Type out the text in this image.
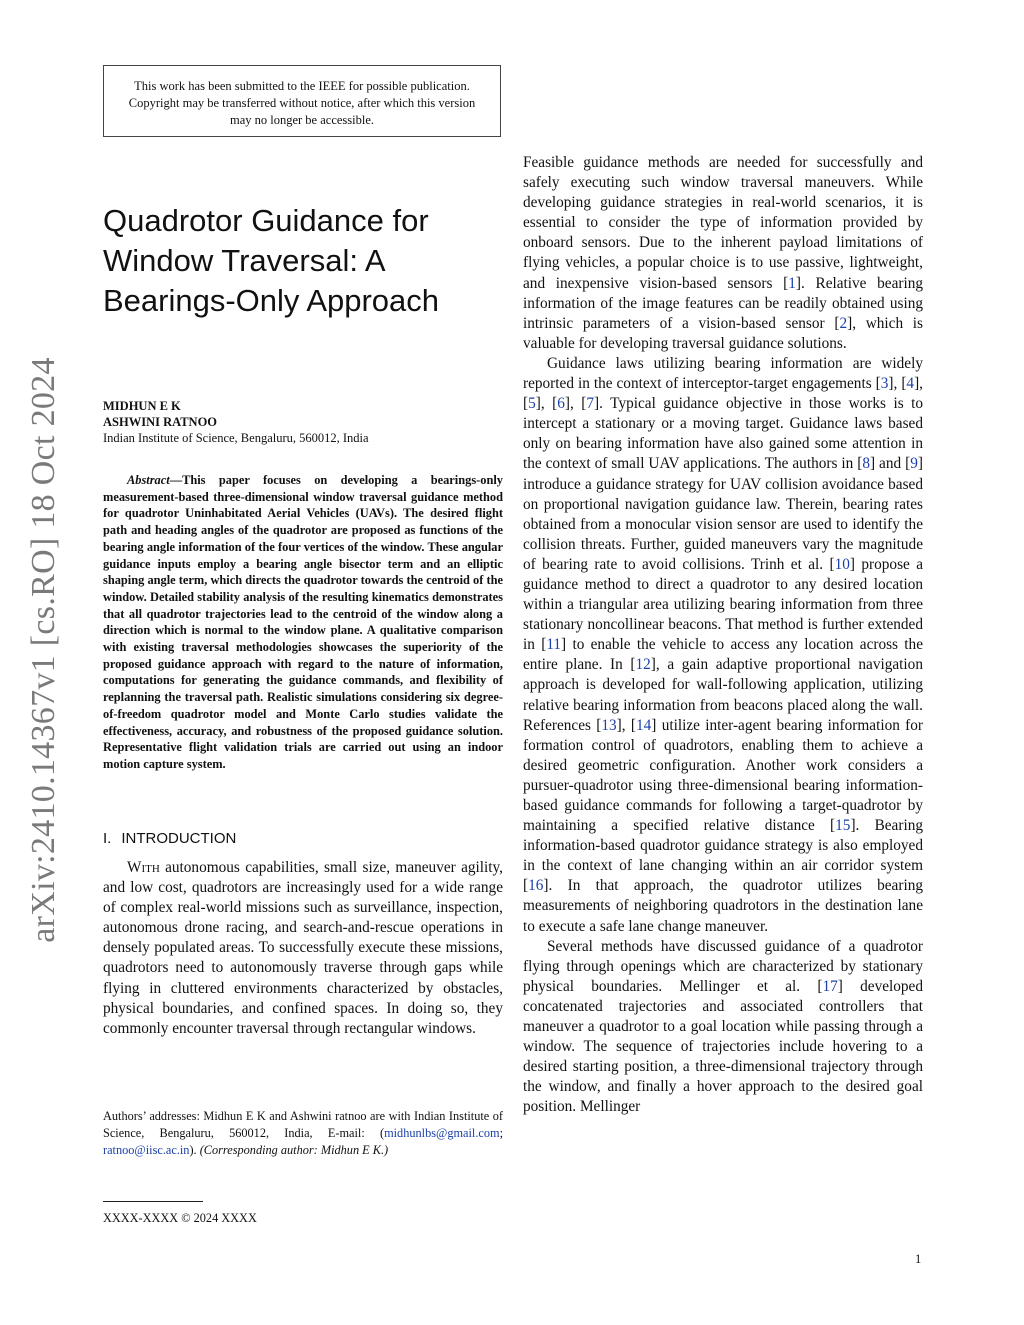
This work has been submitted to the IEEE for possible publication. Copyright may be transferred without notice, after which this version may no longer be accessible.
arXiv:2410.14367v1 [cs.RO] 18 Oct 2024
Quadrotor Guidance for Window Traversal: A Bearings-Only Approach
MIDHUN E K
ASHWINI RATNOO
Indian Institute of Science, Bengaluru, 560012, India

Abstract—This paper focuses on developing a bearings-only measurement-based three-dimensional window traversal guidance method for quadrotor Uninhabitated Aerial Vehicles (UAVs). The desired flight path and heading angles of the quadrotor are proposed as functions of the bearing angle information of the four vertices of the window. These angular guidance inputs employ a bearing angle bisector term and an elliptic shaping angle term, which directs the quadrotor towards the centroid of the window. Detailed stability analysis of the resulting kinematics demonstrates that all quadrotor trajectories lead to the centroid of the window along a direction which is normal to the window plane. A qualitative comparison with existing traversal methodologies showcases the superiority of the proposed guidance approach with regard to the nature of information, computations for generating the guidance commands, and flexibility of replanning the traversal path. Realistic simulations considering six degree-of-freedom quadrotor model and Monte Carlo studies validate the effectiveness, accuracy, and robustness of the proposed guidance solution. Representative flight validation trials are carried out using an indoor motion capture system.

I. INTRODUCTION

With autonomous capabilities, small size, maneuver agility, and low cost, quadrotors are increasingly used for a wide range of complex real-world missions such as surveillance, inspection, autonomous drone racing, and search-and-rescue operations in densely populated areas. To successfully execute these missions, quadrotors need to autonomously traverse through gaps while flying in cluttered environments characterized by obstacles, physical boundaries, and confined spaces. In doing so, they commonly encounter traversal through rectangular windows.

Feasible guidance methods are needed for successfully and safely executing such window traversal maneuvers. While developing guidance strategies in real-world scenarios, it is essential to consider the type of information provided by onboard sensors. Due to the inherent payload limitations of flying vehicles, a popular choice is to use passive, lightweight, and inexpensive vision-based sensors [1]. Relative bearing information of the image features can be readily obtained using intrinsic parameters of a vision-based sensor [2], which is valuable for developing traversal guidance solutions.

Guidance laws utilizing bearing information are widely reported in the context of interceptor-target engagements [3], [4], [5], [6], [7]. Typical guidance objective in those works is to intercept a stationary or a moving target. Guidance laws based only on bearing information have also gained some attention in the context of small UAV applications. The authors in [8] and [9] introduce a guidance strategy for UAV collision avoidance based on proportional navigation guidance law. Therein, bearing rates obtained from a monocular vision sensor are used to identify the collision threats. Further, guided maneuvers vary the magnitude of bearing rate to avoid collisions. Trinh et al. [10] propose a guidance method to direct a quadrotor to any desired location within a triangular area utilizing bearing information from three stationary noncollinear beacons. That method is further extended in [11] to enable the vehicle to access any location across the entire plane. In [12], a gain adaptive proportional navigation approach is developed for wall-following application, utilizing relative bearing information from beacons placed along the wall. References [13], [14] utilize inter-agent bearing information for formation control of quadrotors, enabling them to achieve a desired geometric configuration. Another work considers a pursuer-quadrotor using three-dimensional bearing information-based guidance commands for following a target-quadrotor by maintaining a specified relative distance [15]. Bearing information-based quadrotor guidance strategy is also employed in the context of lane changing within an air corridor system [16]. In that approach, the quadrotor utilizes bearing measurements of neighboring quadrotors in the destination lane to execute a safe lane change maneuver.

Several methods have discussed guidance of a quadrotor flying through openings which are characterized by stationary physical boundaries. Mellinger et al. [17] developed concatenated trajectories and associated controllers that maneuver a quadrotor to a goal location while passing through a window. The sequence of trajectories include hovering to a desired starting position, a three-dimensional trajectory through the window, and finally a hover approach to the desired goal position. Mellinger

Authors’ addresses: Midhun E K and Ashwini ratnoo are with Indian Institute of Science, Bengaluru, 560012, India, E-mail: (midhunlbs@gmail.com; ratnoo@iisc.ac.in). (Corresponding author: Midhun E K.)
XXXX-XXXX © 2024 XXXX
1
